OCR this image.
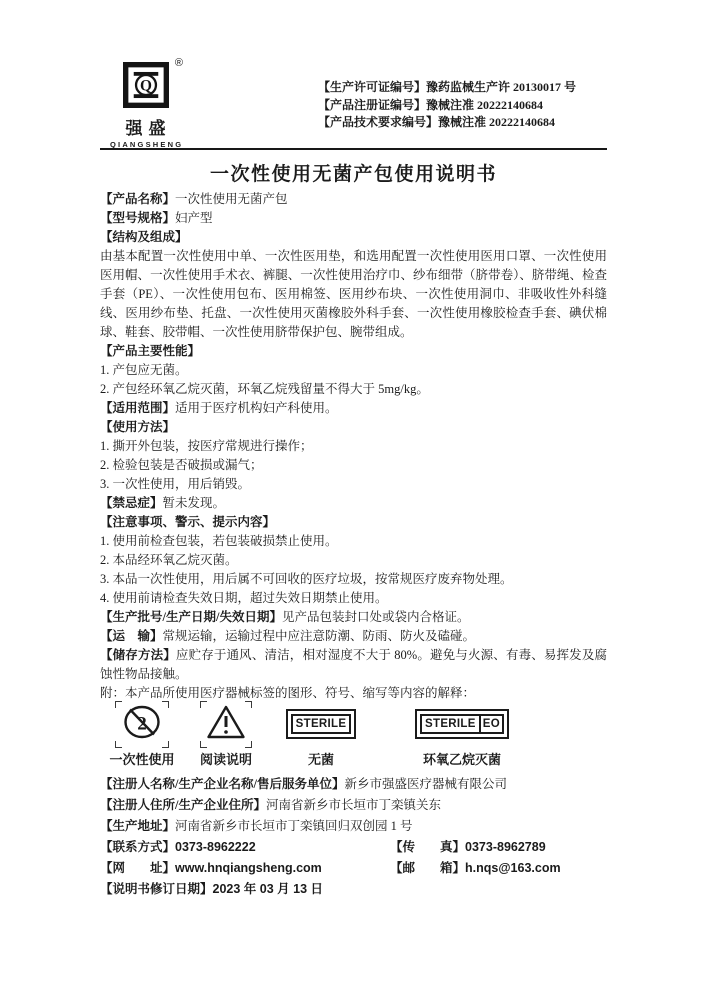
Q
®
强盛
QIANGSHENG
【生产许可证编号】豫药监械生产许 20130017 号
【产品注册证编号】豫械注准 20222140684
【产品技术要求编号】豫械注准 20222140684
一次性使用无菌产包使用说明书
【产品名称】一次性使用无菌产包
【型号规格】妇产型
【结构及组成】
由基本配置一次性使用中单、一次性医用垫，和选用配置一次性使用医用口罩、一次性使用医用帽、一次性使用手术衣、裤腿、一次性使用治疗巾、纱布细带（脐带卷）、脐带绳、检查手套（PE）、一次性使用包布、医用棉签、医用纱布块、一次性使用洞巾、非吸收性外科缝线、医用纱布垫、托盘、一次性使用灭菌橡胶外科手套、一次性使用橡胶检查手套、碘伏棉球、鞋套、胶带帽、一次性使用脐带保护包、腕带组成。
【产品主要性能】
1. 产包应无菌。
2. 产包经环氧乙烷灭菌，环氧乙烷残留量不得大于 5mg/kg。
【适用范围】适用于医疗机构妇产科使用。
【使用方法】
1. 撕开外包装，按医疗常规进行操作；
2. 检验包装是否破损或漏气；
3. 一次性使用，用后销毁。
【禁忌症】暂未发现。
【注意事项、警示、提示内容】
1. 使用前检查包装，若包装破损禁止使用。
2. 本品经环氧乙烷灭菌。
3. 本品一次性使用，用后属不可回收的医疗垃圾，按常规医疗废弃物处理。
4. 使用前请检查失效日期，超过失效日期禁止使用。
【生产批号/生产日期/失效日期】见产品包装封口处或袋内合格证。
【运　输】常规运输，运输过程中应注意防潮、防雨、防火及磕碰。
【储存方法】应贮存于通风、清洁，相对湿度不大于 80%。避免与火源、有毒、易挥发及腐蚀性物品接触。
附：本产品所使用医疗器械标签的图形、符号、缩写等内容的解释：
2
一次性使用 阅读说明
STERILE
无菌
STERILE EO
环氧乙烷灭菌
【注册人名称/生产企业名称/售后服务单位】新乡市强盛医疗器械有限公司
【注册人住所/生产企业住所】河南省新乡市长垣市丁栾镇关东
【生产地址】河南省新乡市长垣市丁栾镇回归双创园 1 号
【联系方式】0373-8962222	【传　　真】0373-8962789
【网　　址】www.hnqiangsheng.com	【邮　　箱】h.nqs@163.com
【说明书修订日期】2023 年 03 月 13 日
